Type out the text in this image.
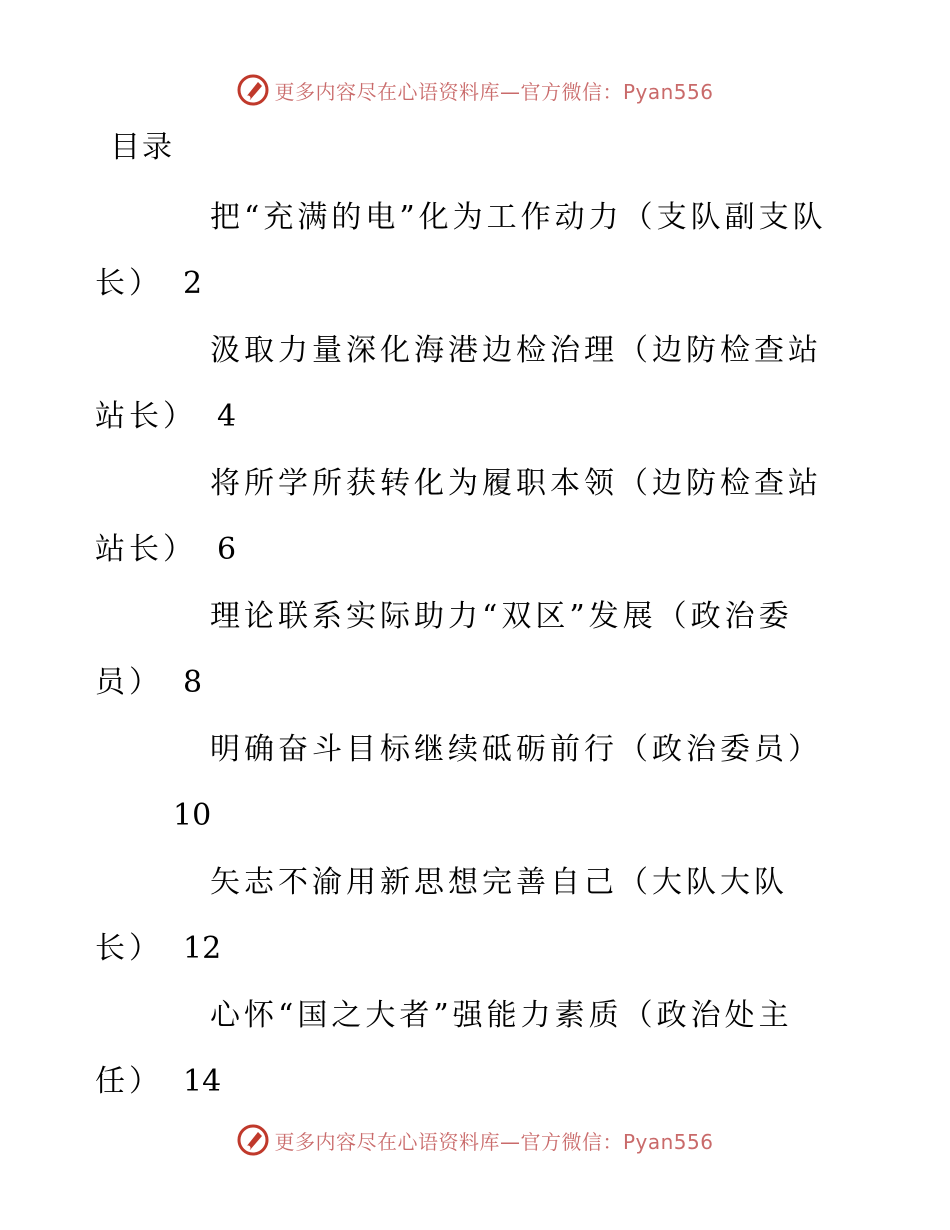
更多内容尽在心语资料库—官方微信：Pyan556
目录
把“充满的电”化为工作动力（支队副支队长） 2
汲取力量深化海港边检治理（边防检查站站长） 4
将所学所获转化为履职本领（边防检查站站长） 6
理论联系实际助力“双区”发展（政治委员） 8
明确奋斗目标继续砥砺前行（政治委员）
10
矢志不渝用新思想完善自己（大队大队长） 12
心怀“国之大者”强能力素质（政治处主任） 14
更多内容尽在心语资料库—官方微信：Pyan556
